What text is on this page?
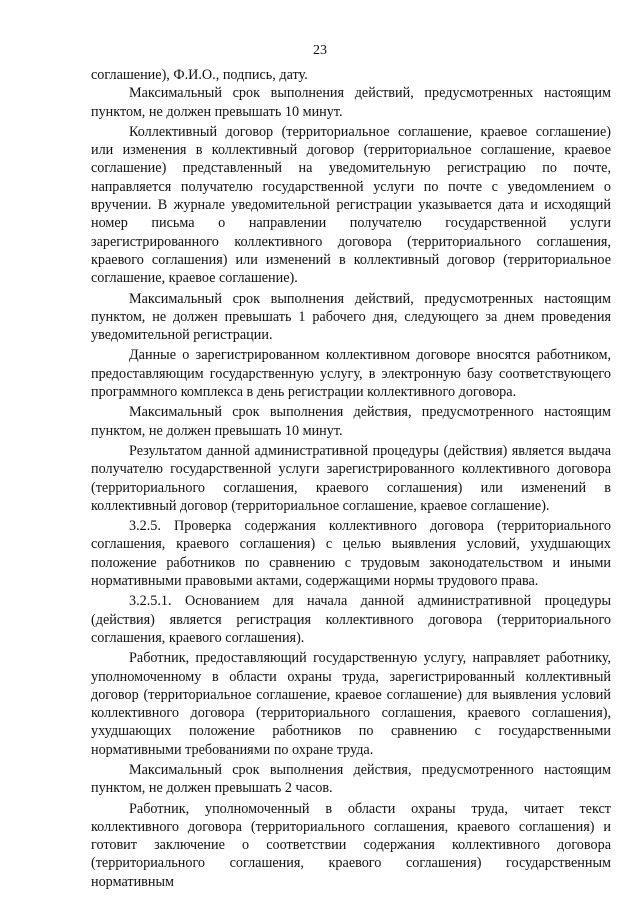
23

соглашение), Ф.И.О., подпись, дату.

Максимальный срок выполнения действий, предусмотренных настоящим пунктом, не должен превышать 10 минут.

Коллективный договор (территориальное соглашение, краевое соглашение) или изменения в коллективный договор (территориальное соглашение, краевое соглашение) представленный на уведомительную регистрацию по почте, направляется получателю государственной услуги по почте с уведомлением о вручении. В журнале уведомительной регистрации указывается дата и исходящий номер письма о направлении получателю государственной услуги зарегистрированного коллективного договора (территориального соглашения, краевого соглашения) или изменений в коллективный договор (территориальное соглашение, краевое соглашение).

Максимальный срок выполнения действий, предусмотренных настоящим пунктом, не должен превышать 1 рабочего дня, следующего за днем проведения уведомительной регистрации.

Данные о зарегистрированном коллективном договоре вносятся работником, предоставляющим государственную услугу, в электронную базу соответствующего программного комплекса в день регистрации коллективного договора.

Максимальный срок выполнения действия, предусмотренного настоящим пунктом, не должен превышать 10 минут.

Результатом данной административной процедуры (действия) является выдача получателю государственной услуги зарегистрированного коллективного договора (территориального соглашения, краевого соглашения) или изменений в коллективный договор (территориальное соглашение, краевое соглашение).

3.2.5. Проверка содержания коллективного договора (территориального соглашения, краевого соглашения) с целью выявления условий, ухудшающих положение работников по сравнению с трудовым законодательством и иными нормативными правовыми актами, содержащими нормы трудового права.

3.2.5.1. Основанием для начала данной административной процедуры (действия) является регистрация коллективного договора (территориального соглашения, краевого соглашения).

Работник, предоставляющий государственную услугу, направляет работнику, уполномоченному в области охраны труда, зарегистрированный коллективный договор (территориальное соглашение, краевое соглашение) для выявления условий коллективного договора (территориального соглашения, краевого соглашения), ухудшающих положение работников по сравнению с государственными нормативными требованиями по охране труда.

Максимальный срок выполнения действия, предусмотренного настоящим пунктом, не должен превышать 2 часов.

Работник, уполномоченный в области охраны труда, читает текст коллективного договора (территориального соглашения, краевого соглашения) и готовит заключение о соответствии содержания коллективного договора (территориального соглашения, краевого соглашения) государственным нормативным
